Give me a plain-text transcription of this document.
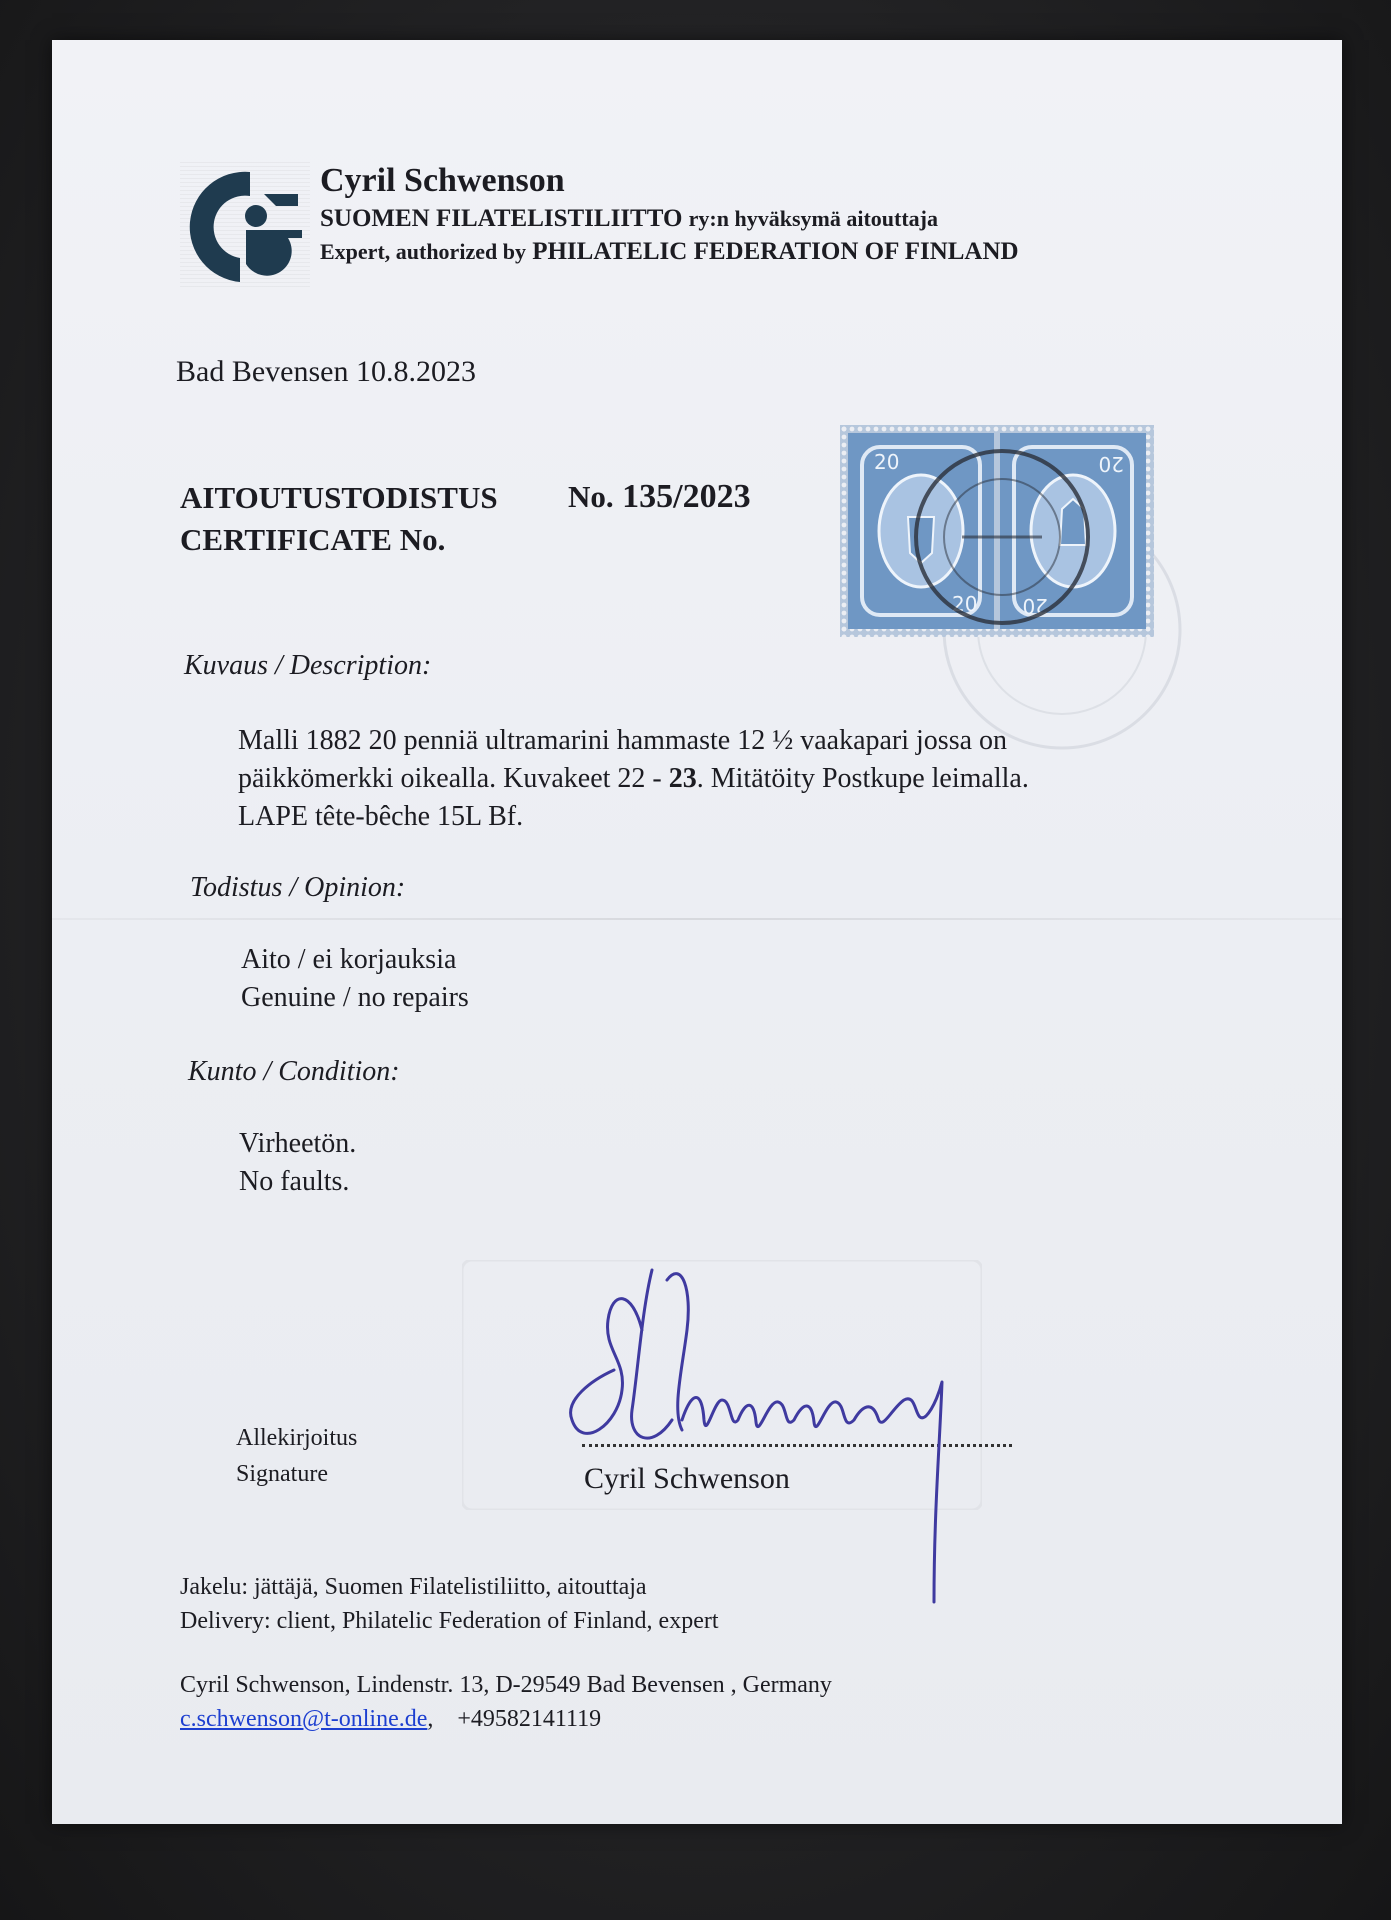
Cyril Schwenson
SUOMEN FILATELISTILIITTO ry:n hyväksymä aitouttaja
Expert, authorized by PHILATELIC FEDERATION OF FINLAND
Bad Bevensen 10.8.2023
AITOUTUSTODISTUS No. 135/2023
CERTIFICATE No.
20
20
20
20
Kuvaus / Description:
Malli 1882 20 penniä ultramarini hammaste 12 ½ vaakapari jossa on
päikkömerkki oikealla. Kuvakeet 22 - 23. Mitätöity Postkupe leimalla.
LAPE tête-bêche 15L Bf.
Todistus / Opinion:
Aito / ei korjauksia
Genuine / no repairs
Kunto / Condition:
Virheetön.
No faults.
Allekirjoitus
Signature	Cyril Schwenson
Jakelu: jättäjä, Suomen Filatelistiliitto, aitouttaja
Delivery: client, Philatelic Federation of Finland, expert
Cyril Schwenson, Lindenstr. 13, D-29549 Bad Bevensen , Germany
c.schwenson@t-online.de, +49582141119
